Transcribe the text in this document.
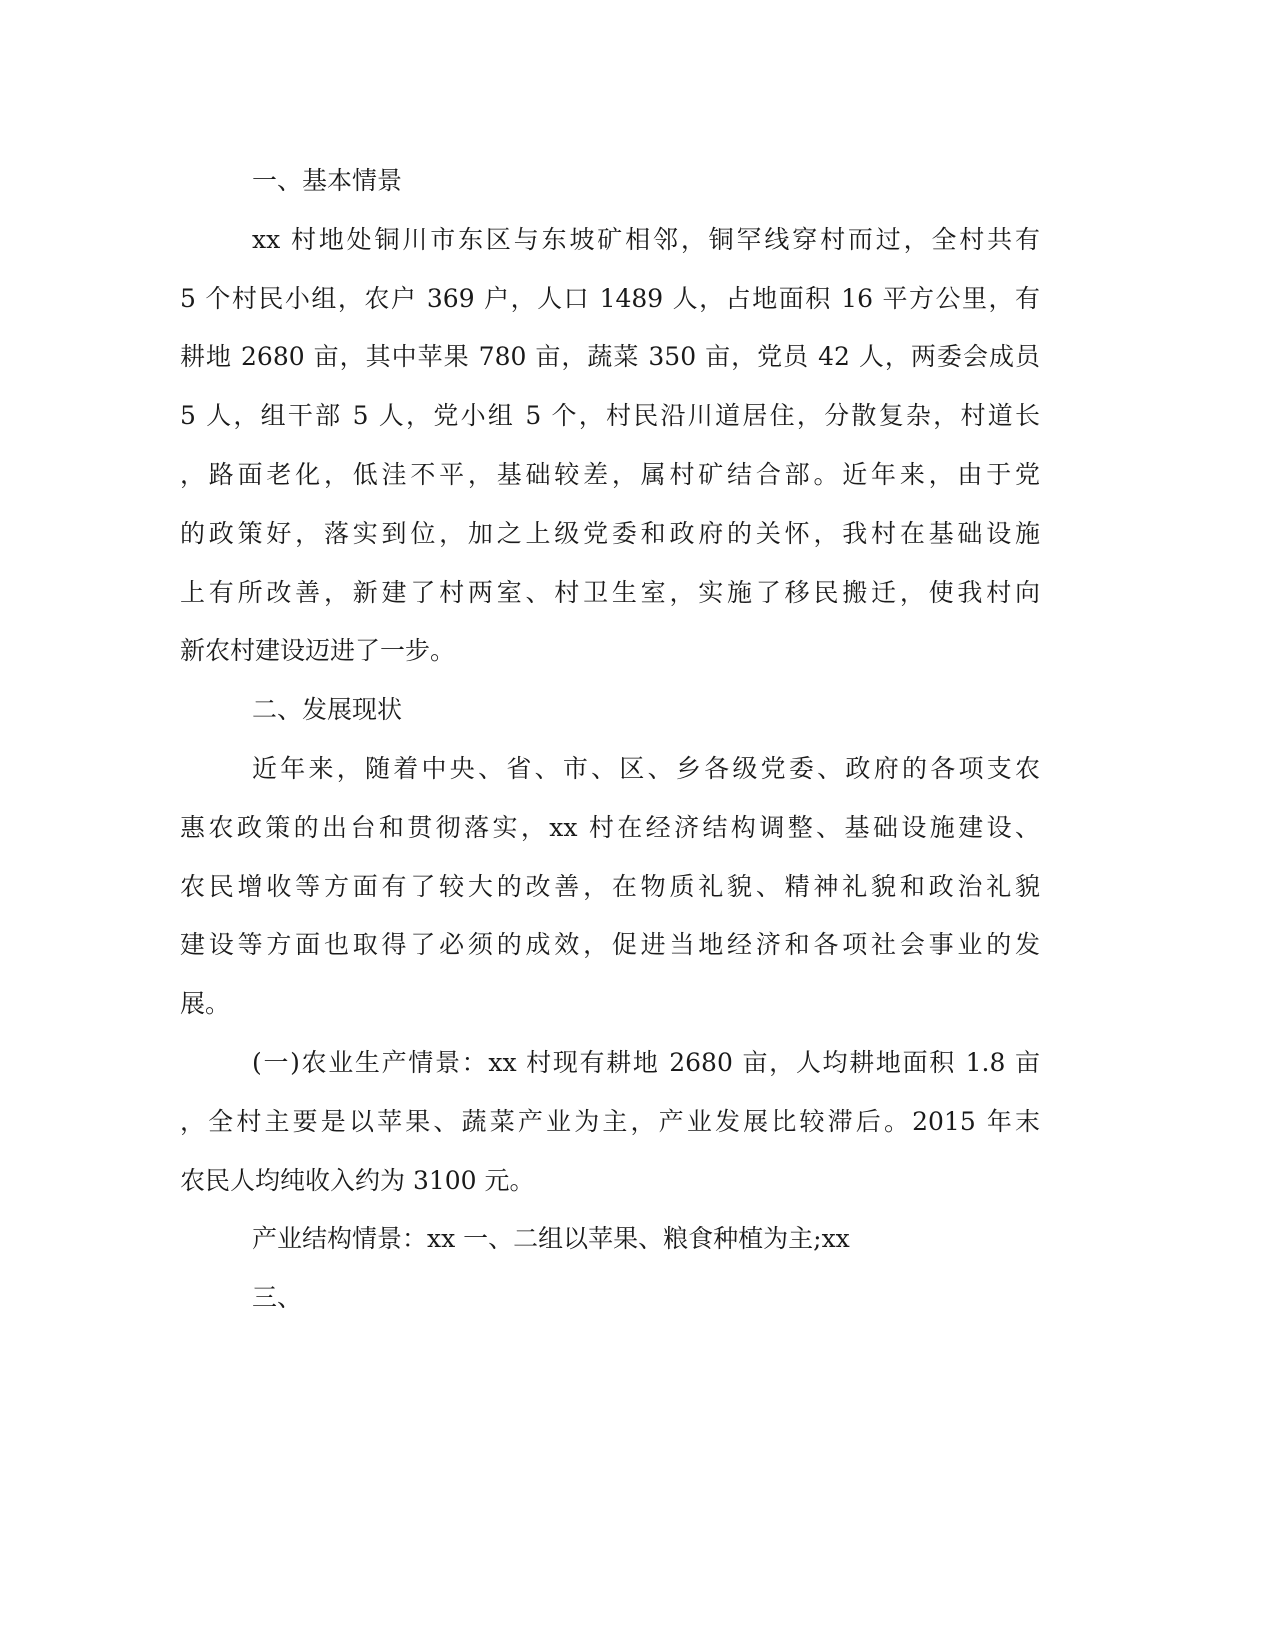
一、基本情景
xx 村地处铜川市东区与东坡矿相邻，铜罕线穿村而过，全村共有
5 个村民小组，农户 369 户，人口 1489 人，占地面积 16 平方公里，有
耕地 2680 亩，其中苹果 780 亩，蔬菜 350 亩，党员 42 人，两委会成员
5 人，组干部 5 人，党小组 5 个，村民沿川道居住，分散复杂，村道长
，路面老化，低洼不平，基础较差，属村矿结合部。近年来，由于党
的政策好，落实到位，加之上级党委和政府的关怀，我村在基础设施
上有所改善，新建了村两室、村卫生室，实施了移民搬迁，使我村向
新农村建设迈进了一步。
二、发展现状
近年来，随着中央、省、市、区、乡各级党委、政府的各项支农
惠农政策的出台和贯彻落实，xx 村在经济结构调整、基础设施建设、
农民增收等方面有了较大的改善，在物质礼貌、精神礼貌和政治礼貌
建设等方面也取得了必须的成效，促进当地经济和各项社会事业的发
展。
(一)农业生产情景：xx 村现有耕地 2680 亩，人均耕地面积 1.8 亩
，全村主要是以苹果、蔬菜产业为主，产业发展比较滞后。2015 年末
农民人均纯收入约为 3100 元。
产业结构情景：xx 一、二组以苹果、粮食种植为主;xx
三、
